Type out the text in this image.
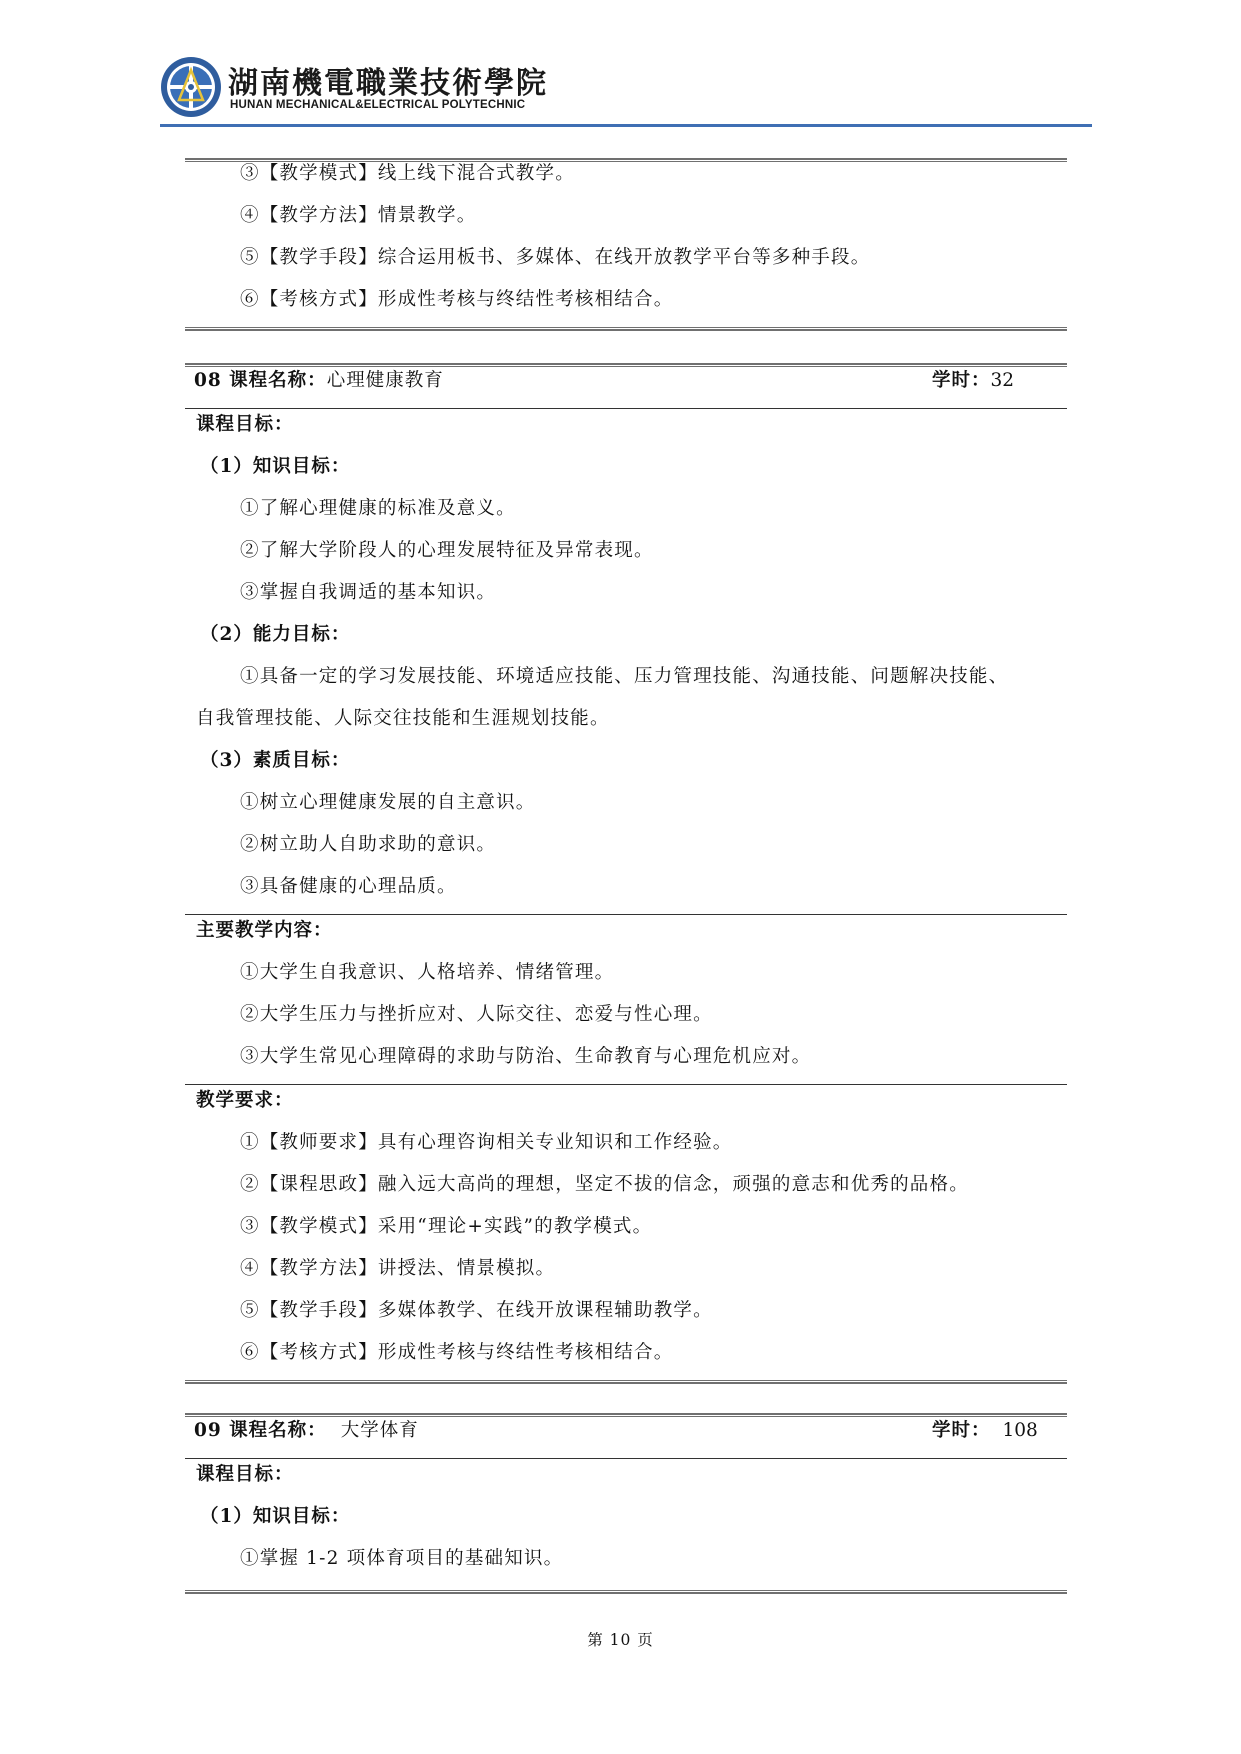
湖南機電職業技術學院
HUNAN MECHANICAL&ELECTRICAL POLYTECHNIC
③【教学模式】线上线下混合式教学。
④【教学方法】情景教学。
⑤【教学手段】综合运用板书、多媒体、在线开放教学平台等多种手段。
⑥【考核方式】形成性考核与终结性考核相结合。
08 课程名称：心理健康教育	学时：32
课程目标：
（1）知识目标：
①了解心理健康的标准及意义。
②了解大学阶段人的心理发展特征及异常表现。
③掌握自我调适的基本知识。
（2）能力目标：
①具备一定的学习发展技能、环境适应技能、压力管理技能、沟通技能、问题解决技能、
自我管理技能、人际交往技能和生涯规划技能。
（3）素质目标：
①树立心理健康发展的自主意识。
②树立助人自助求助的意识。
③具备健康的心理品质。
主要教学内容：
①大学生自我意识、人格培养、情绪管理。
②大学生压力与挫折应对、人际交往、恋爱与性心理。
③大学生常见心理障碍的求助与防治、生命教育与心理危机应对。
教学要求：
①【教师要求】具有心理咨询相关专业知识和工作经验。
②【课程思政】融入远大高尚的理想，坚定不拔的信念，顽强的意志和优秀的品格。
③【教学模式】采用“理论+实践”的教学模式。
④【教学方法】讲授法、情景模拟。
⑤【教学手段】多媒体教学、在线开放课程辅助教学。
⑥【考核方式】形成性考核与终结性考核相结合。
09 课程名称： 大学体育	学时： 108
课程目标：
（1）知识目标：
①掌握 1-2 项体育项目的基础知识。
第 10 页
